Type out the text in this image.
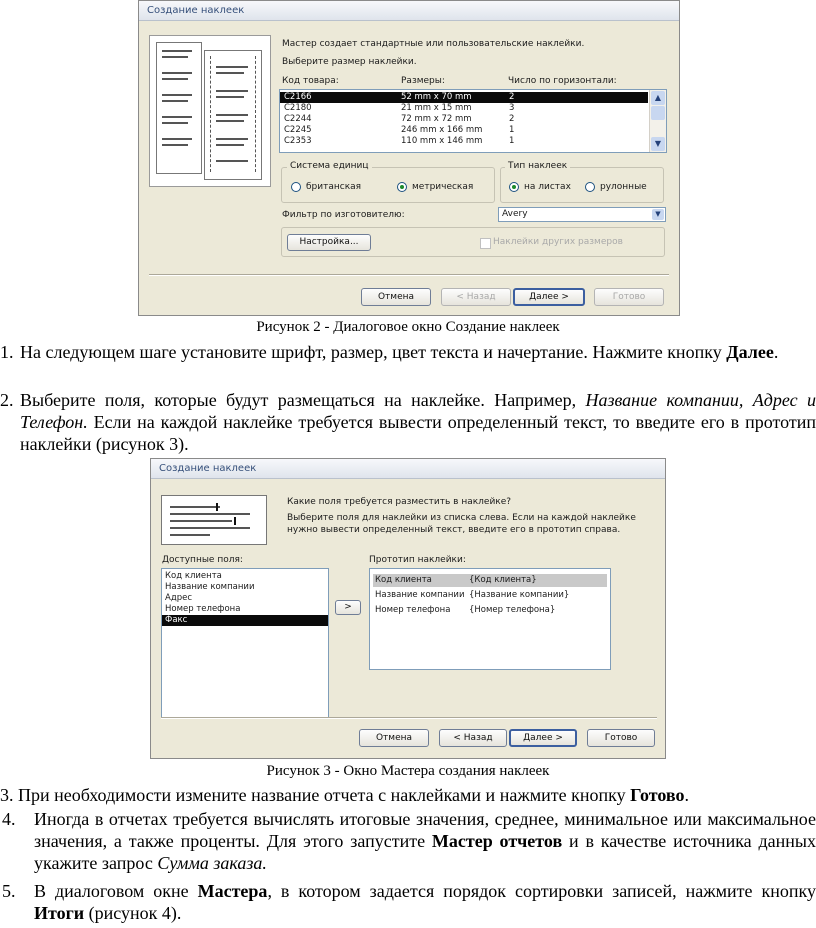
Создание наклеек
Мастер создает стандартные или пользовательские наклейки.
Выберите размер наклейки.
Код товара:	Размеры:	Число по горизонтали:
C2166	52 mm x 70 mm	2
C2180	21 mm x 15 mm	3
C2244	72 mm x 72 mm	2
C2245	246 mm x 166 mm	1
C2353	110 mm x 146 mm	1
▲
▼
Система единиц
британская	метрическая
Тип наклеек
на листах	рулонные
Фильтр по изготовителю:	Avery	▼
Настройка...	Наклейки других размеров
Отмена	< Назад	Далее >	Готово
Рисунок 2 - Диалоговое окно Создание наклеек
1. На следующем шаге установите шрифт, размер, цвет текста и начертание. Нажмите кнопку Далее.

2. Выберите поля, которые будут размещаться на наклейке. Например, Название компании, Адрес и Телефон. Если на каждой наклейке требуется вывести определенный текст, то введите его в прототип наклейки (рисунок 3).

Создание наклеек
Какие поля требуется разместить в наклейке?
Выберите поля для наклейки из списка слева. Если на каждой наклейке нужно вывести определенный текст, введите его в прототип справа.
Доступные поля:
Код клиента
Название компании
Адрес
Номер телефона
Факс
>
Прототип наклейки:
Код клиента	{Код клиента}
Название компании {Название компании}
Номер телефона {Номер телефона}
Отмена	< Назад	Далее >	Готово
Рисунок 3 - Окно Мастера создания наклеек
3. При необходимости измените название отчета с наклейками и нажмите кнопку Готово.

4. Иногда в отчетах требуется вычислять итоговые значения, среднее, минимальное или максимальное значения, а также проценты. Для этого запустите Мастер отчетов и в качестве источника данных укажите запрос Сумма заказа.

5. В диалоговом окне Мастера, в котором задается порядок сортировки записей, нажмите кнопку Итоги (рисунок 4).
